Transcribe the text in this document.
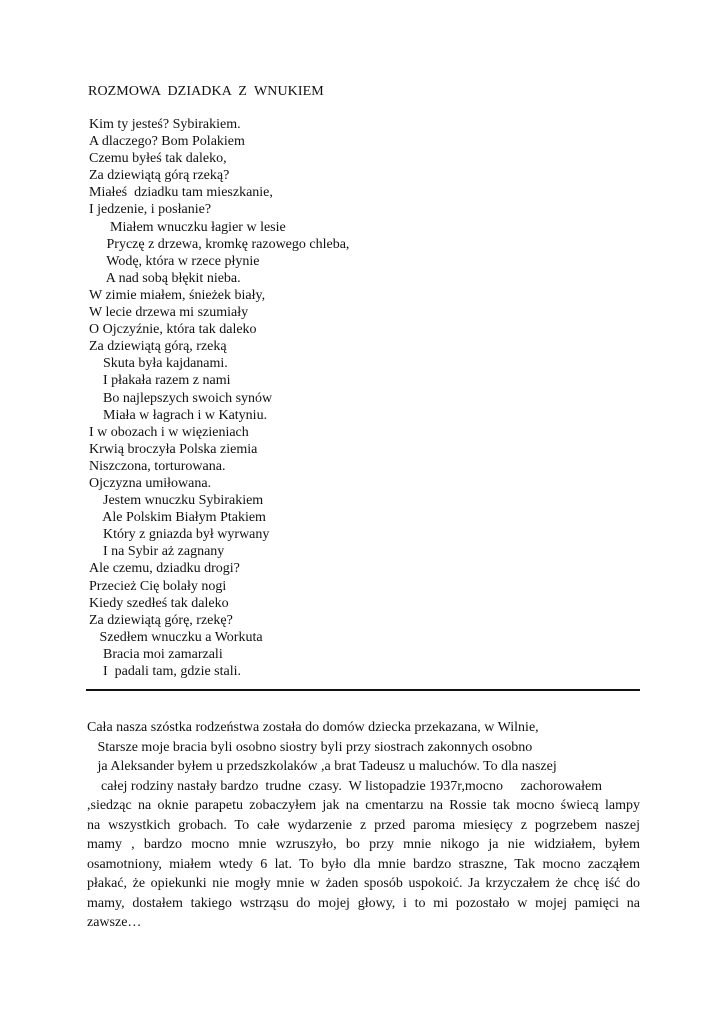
ROZMOWA  DZIADKA  Z  WNUKIEM
Kim ty jesteś? Sybirakiem.
A dlaczego? Bom Polakiem
Czemu byłeś tak daleko,
Za dziewiątą górą rzeką?
Miałeś  dziadku tam mieszkanie,
I jedzenie, i posłanie?
Miałem wnuczku łagier w lesie
Pryczę z drzewa, kromkę razowego chleba,
Wodę, która w rzece płynie
A nad sobą błękit nieba.
W zimie miałem, śnieżek biały,
W lecie drzewa mi szumiały
O Ojczyźnie, która tak daleko
Za dziewiątą górą, rzeką
Skuta była kajdanami.
I płakała razem z nami
Bo najlepszych swoich synów
Miała w łagrach i w Katyniu.
I w obozach i w więzieniach
Krwią broczyła Polska ziemia
Niszczona, torturowana.
Ojczyzna umiłowana.
Jestem wnuczku Sybirakiem
Ale Polskim Białym Ptakiem
Który z gniazda był wyrwany
I na Sybir aż zagnany
Ale czemu, dziadku drogi?
Przecież Cię bolały nogi
Kiedy szedłeś tak daleko
Za dziewiątą górę, rzekę?
Szedłem wnuczku a Workuta
Bracia moi zamarzali
I  padali tam, gdzie stali.
Cała nasza szóstka rodzeństwa została do domów dziecka przekazana, w Wilnie,
Starsze moje bracia byli osobno siostry byli przy siostrach zakonnych osobno
ja Aleksander byłem u przedszkolaków ,a brat Tadeusz u maluchów. To dla naszej
całej rodziny nastały bardzo  trudne  czasy.  W listopadzie 1937r,mocno     zachorowałem
,siedząc na oknie parapetu zobaczyłem jak na cmentarzu na Rossie tak mocno świecą lampy
na wszystkich grobach. To całe wydarzenie z przed paroma miesięcy z pogrzebem naszej
mamy , bardzo mocno mnie wzruszyło, bo przy mnie nikogo ja nie widziałem, byłem
osamotniony, miałem wtedy 6 lat. To było dla mnie bardzo straszne, Tak mocno zacząłem
płakać, że opiekunki nie mogły mnie w żaden sposób uspokoić. Ja krzyczałem że chcę iść do
mamy, dostałem takiego wstrząsu do mojej głowy, i to mi pozostało w mojej pamięci na
zawsze…
